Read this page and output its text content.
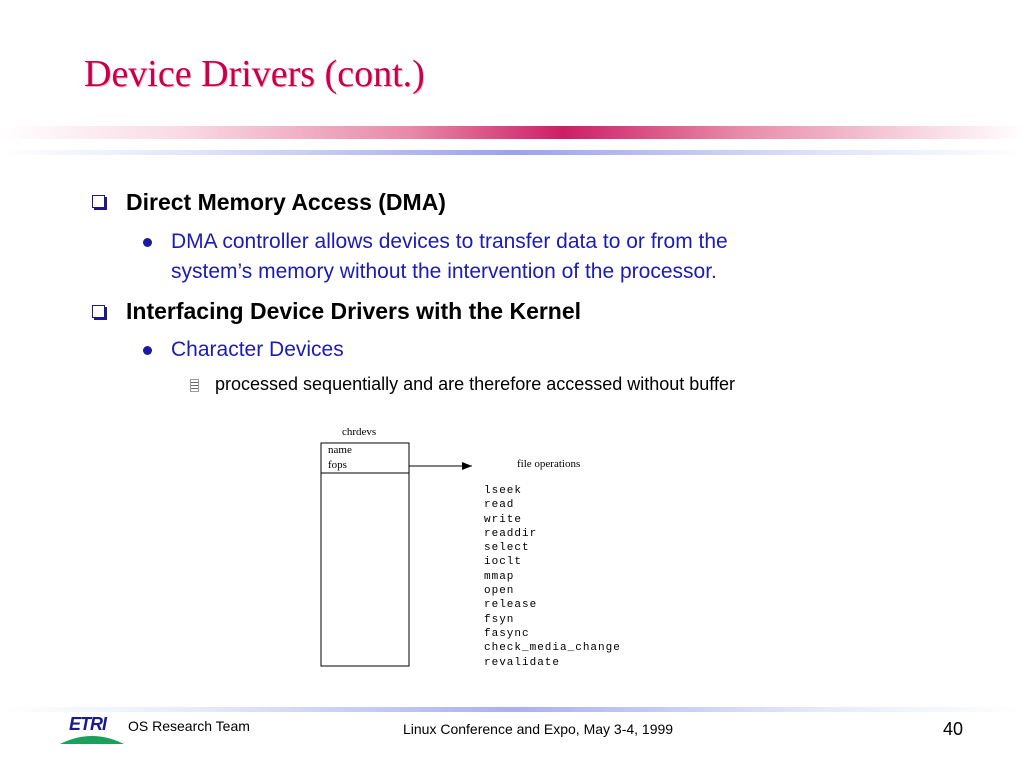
Device Drivers (cont.)
Direct Memory Access (DMA)
DMA controller allows devices to transfer data to or from the
system’s memory without the intervention of the processor.
Interfacing Device Drivers with the Kernel
Character Devices
processed sequentially and are therefore accessed without buffer
chrdevs
name
fops	file operations
lseek
read
write
readdir
select
ioclt
mmap
open
release
fsyn
fasync
check_media_change
revalidate
ETRI OS Research Team	Linux Conference and Expo, May 3-4, 1999	40
